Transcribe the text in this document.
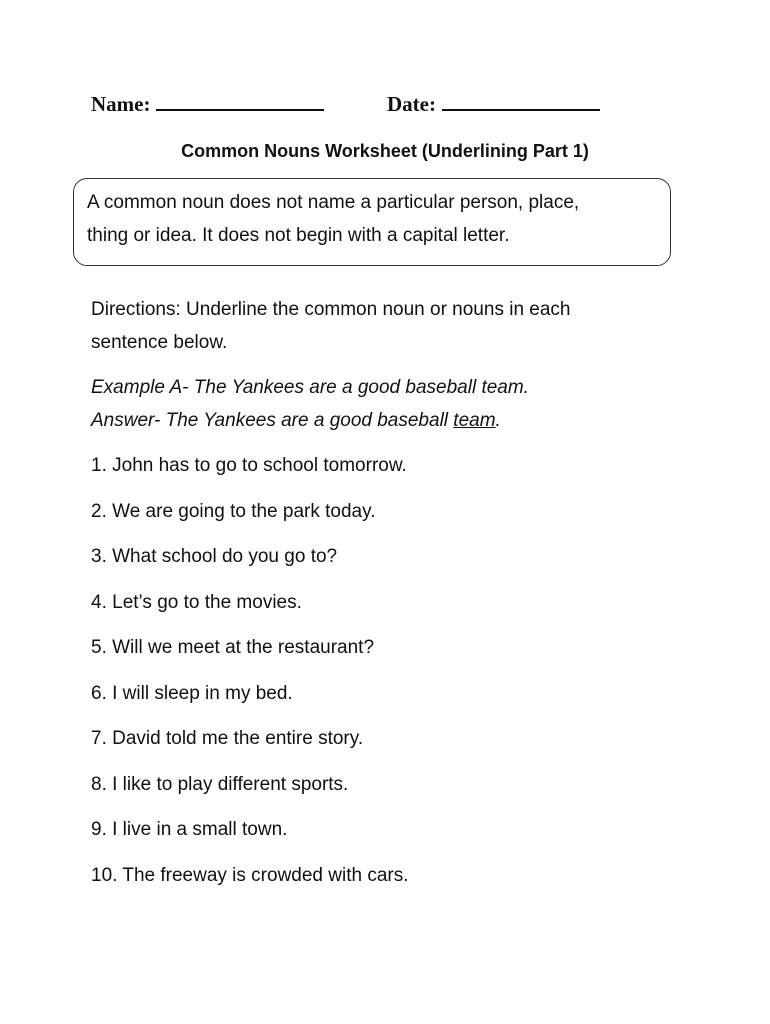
Name:	Date:
Common Nouns Worksheet (Underlining Part 1)
A common noun does not name a particular person, place,
thing or idea. It does not begin with a capital letter.
Directions: Underline the common noun or nouns in each
sentence below.
Example A- The Yankees are a good baseball team.
Answer- The Yankees are a good baseball team.
1. John has to go to school tomorrow.
2. We are going to the park today.
3. What school do you go to?
4. Let’s go to the movies.
5. Will we meet at the restaurant?
6. I will sleep in my bed.
7. David told me the entire story.
8. I like to play different sports.
9. I live in a small town.
10. The freeway is crowded with cars.
